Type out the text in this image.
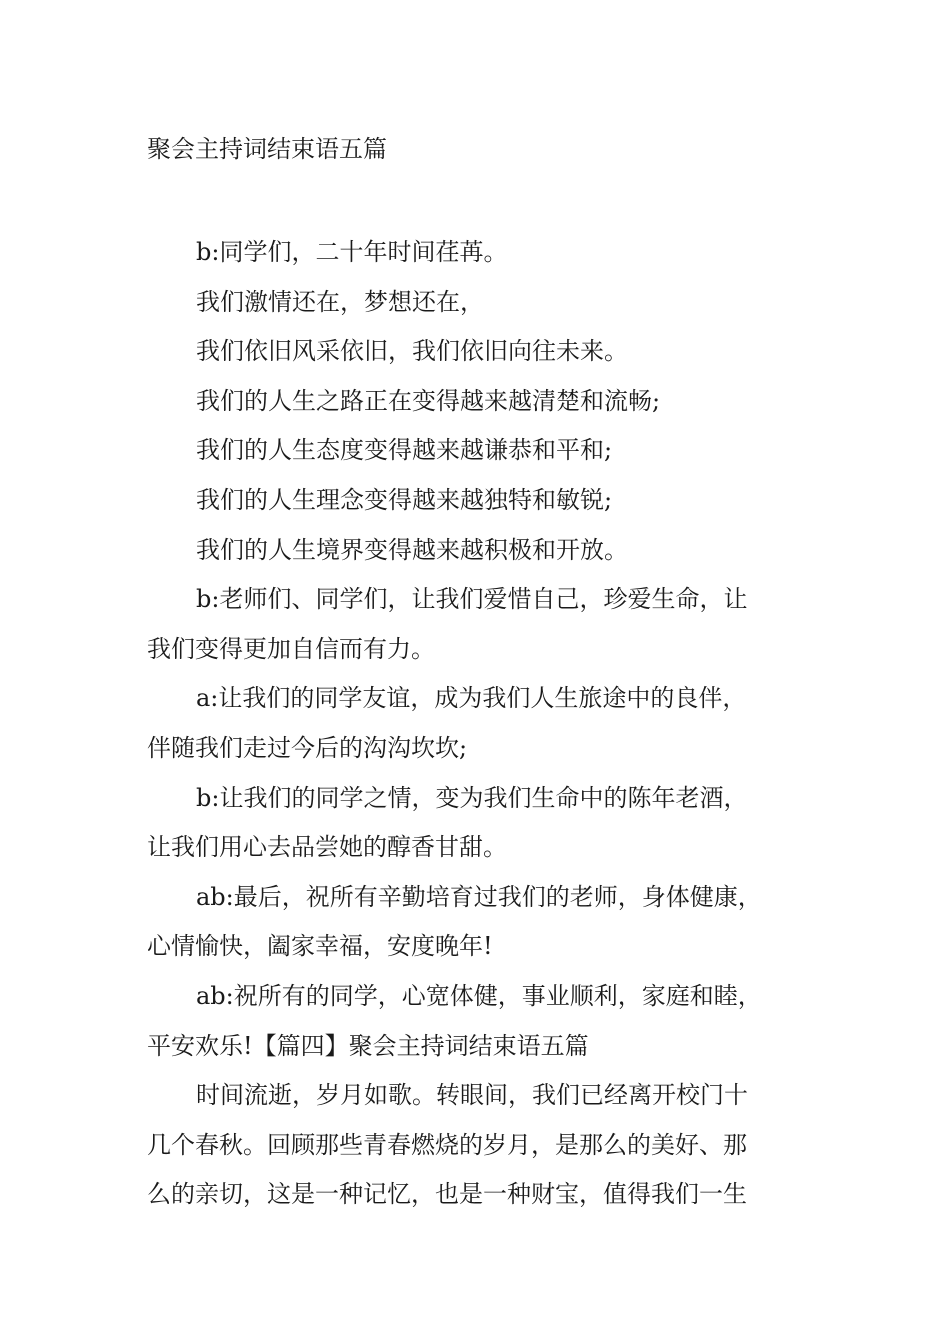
聚会主持词结束语五篇
b:同学们，二十年时间荏苒。
我们激情还在，梦想还在，
我们依旧风采依旧，我们依旧向往未来。
我们的人生之路正在变得越来越清楚和流畅;
我们的人生态度变得越来越谦恭和平和;
我们的人生理念变得越来越独特和敏锐;
我们的人生境界变得越来越积极和开放。
b:老师们、同学们，让我们爱惜自己，珍爱生命，让
我们变得更加自信而有力。
a:让我们的同学友谊，成为我们人生旅途中的良伴，
伴随我们走过今后的沟沟坎坎;
b:让我们的同学之情，变为我们生命中的陈年老酒，
让我们用心去品尝她的醇香甘甜。
ab:最后，祝所有辛勤培育过我们的老师，身体健康，
心情愉快，阖家幸福，安度晚年!
ab:祝所有的同学，心宽体健，事业顺利，家庭和睦，
平安欢乐!【篇四】聚会主持词结束语五篇
时间流逝，岁月如歌。转眼间，我们已经离开校门十
几个春秋。回顾那些青春燃烧的岁月，是那么的美好、那
么的亲切，这是一种记忆，也是一种财宝，值得我们一生
